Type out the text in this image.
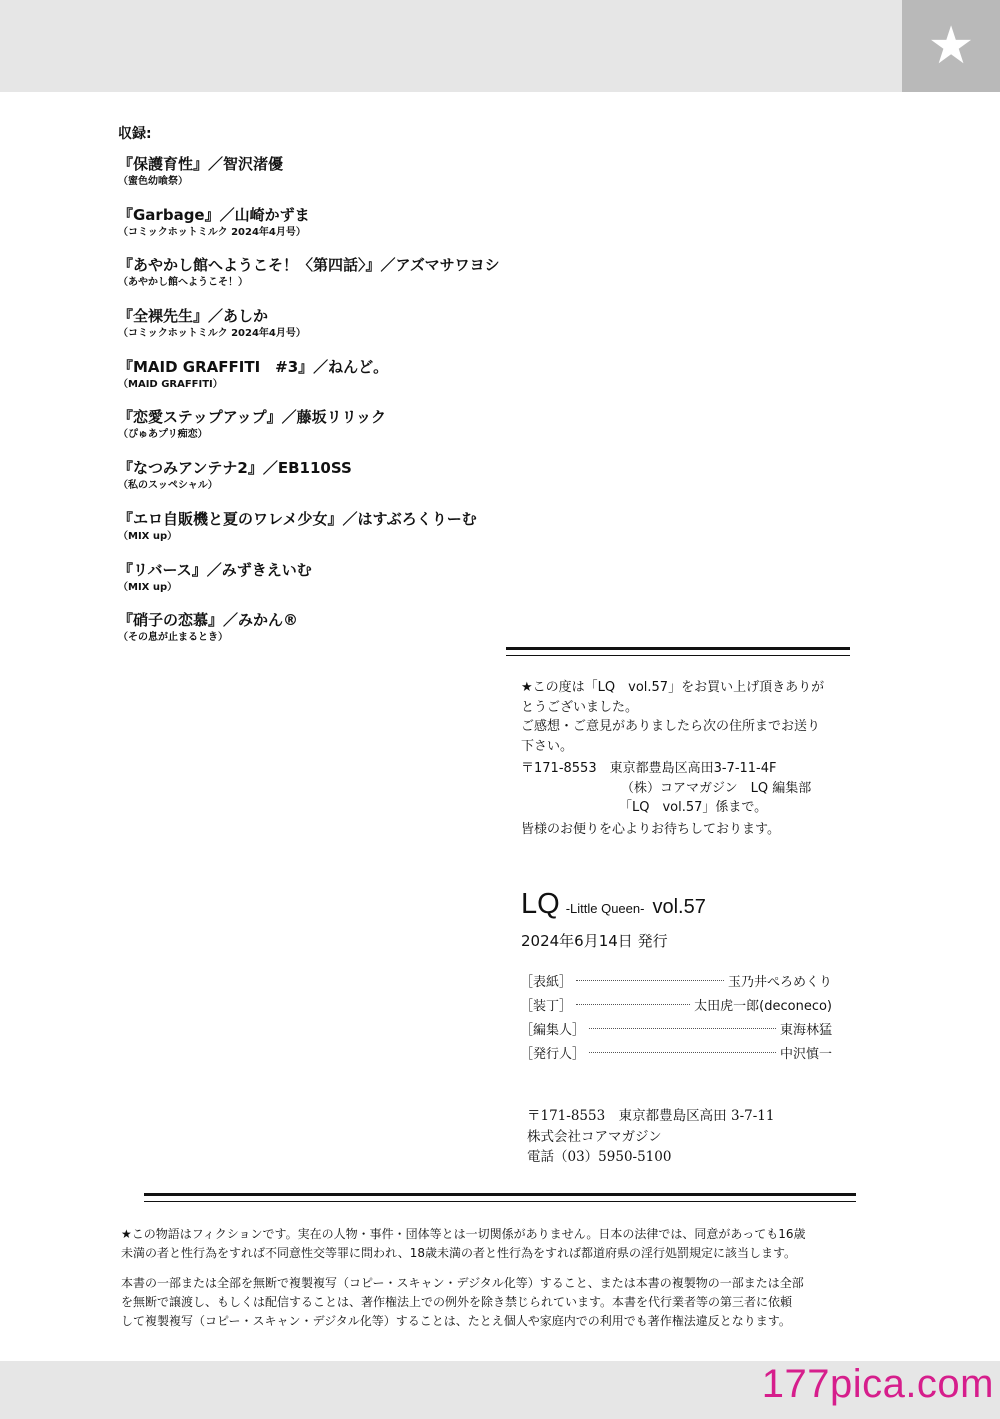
★
収録:
『保護育性』／智沢渚優
（蜜色幼喰祭）
『Garbage』／山崎かずま
（コミックホットミルク 2024年4月号）
『あやかし館へようこそ！〈第四話〉』／アズマサワヨシ
（あやかし館へようこそ！）
『全裸先生』／あしか
（コミックホットミルク 2024年4月号）
『MAID GRAFFITI　#3』／ねんど。
（MAID GRAFFITI）
『恋愛ステップアップ』／藤坂リリック
（ぴゅあプリ痴恋）
『なつみアンテナ2』／EB110SS
（私のスッペシャル）
『エロ自販機と夏のワレメ少女』／はすぶろくりーむ
（MIX up）
『リバース』／みずきえいむ
（MIX up）
『硝子の恋慕』／みかん®
（その息が止まるとき）
★この度は「LQ　vol.57」をお買い上げ頂きありが
とうございました。
ご感想・ご意見がありましたら次の住所までお送り
下さい。
〒171-8553　東京都豊島区高田3-7-11-4F
（株）コアマガジン　LQ 編集部
「LQ　vol.57」係まで。
皆様のお便りを心よりお待ちしております。
LQ -Little Queen- vol.57
2024年6月14日 発行
［表紙］	玉乃井ぺろめくり
［装丁］	太田虎一郎(deconeco)
［編集人］	東海林猛
［発行人］	中沢慎一
〒171‑8553　東京都豊島区高田 3-7-11
株式会社コアマガジン
電話（03）5950-5100

★この物語はフィクションです。実在の人物・事件・団体等とは一切関係がありません。日本の法律では、同意があっても16歳

未満の者と性行為をすれば不同意性交等罪に問われ、18歳未満の者と性行為をすれば都道府県の淫行処罰規定に該当します。

本書の一部または全部を無断で複製複写（コピー・スキャン・デジタル化等）すること、または本書の複製物の一部または全部

を無断で譲渡し、もしくは配信することは、著作権法上での例外を除き禁じられています。本書を代行業者等の第三者に依頼

して複製複写（コピー・スキャン・デジタル化等）することは、たとえ個人や家庭内での利用でも著作権法違反となります。

177pica.com
